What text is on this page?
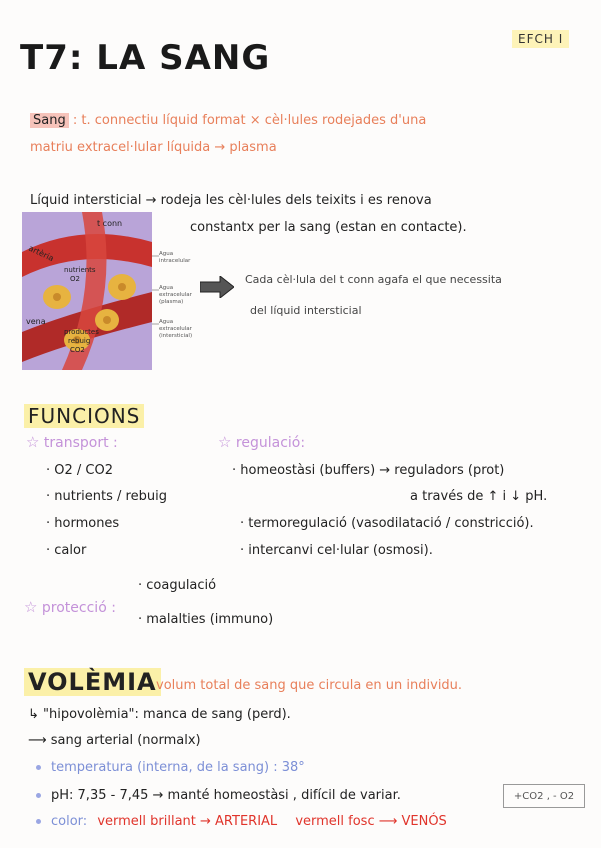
T7: LA SANG	EFCH I
Sang : t. connectiu líquid format × cèl·lules rodejades d'una
matriu extracel·lular líquida → plasma
Líquid intersticial → rodeja les cèl·lules dels teixits i es renova
constantx per la sang (estan en contacte).
Agua
intracelular
Agua
extracelular
(plasma)
Agua
extracelular
(intersticial)
t conn
artèria
nutrients
O2
vena
productes
rebuig
CO2
Cada cèl·lula del t conn agafa el que necessita
del líquid intersticial
FUNCIONS
☆ transport :
· O2 / CO2
· nutrients / rebuig
· hormones
· calor
☆ regulació:
· homeostàsi (buffers) → reguladors (prot)
a través de ↑ i ↓ pH.
· termoregulació (vasodilatació / constricció).
· intercanvi cel·lular (osmosi).
· coagulació
☆ protecció :
· malalties (immuno)
VOLÈMIA volum total de sang que circula en un individu.
↳ "hipovolèmia": manca de sang (perd).
⟶ sang arterial (normalx)
temperatura (interna, de la sang) : 38°
pH: 7,35 - 7,45 → manté homeostàsi , difícil de variar.	+CO2 , - O2
color: vermell brillant → ARTERIAL vermell fosc ⟶ VENÓS
